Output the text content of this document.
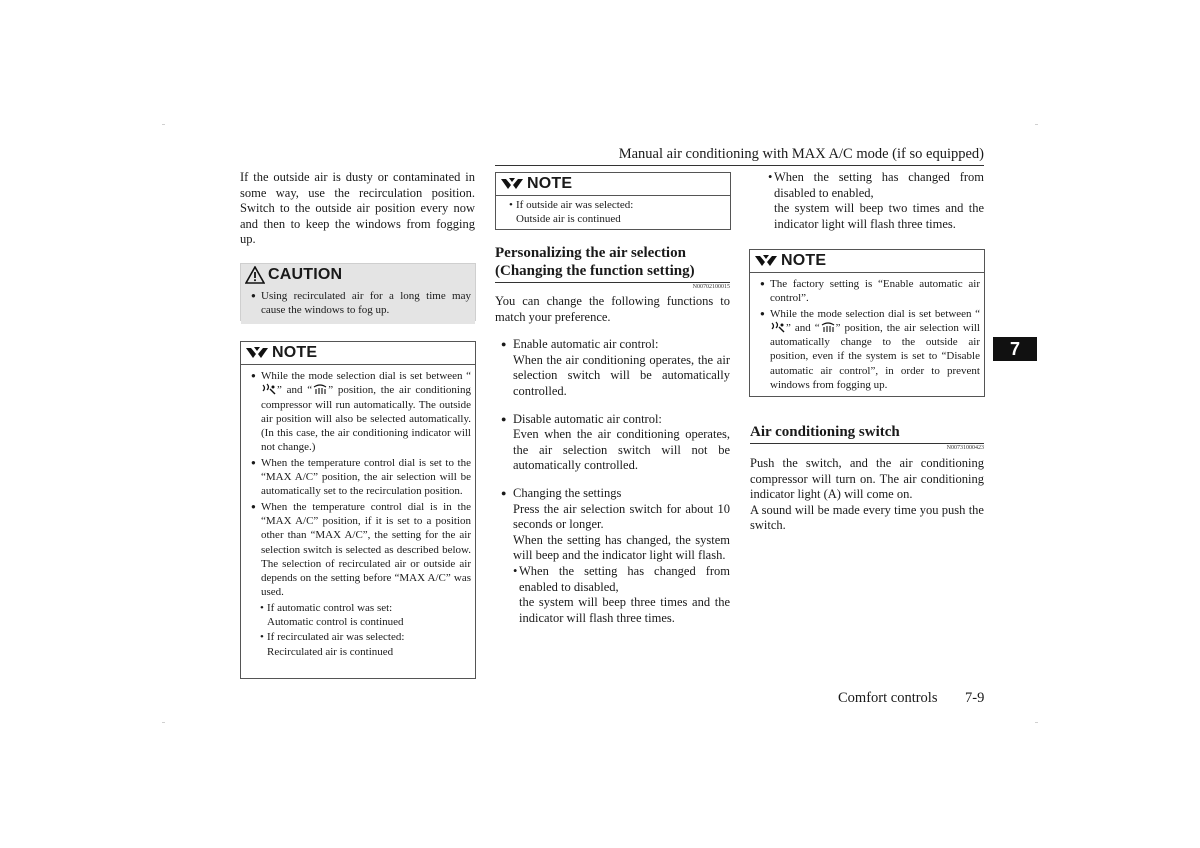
Manual air conditioning with MAX A/C mode (if so equipped)

If the outside air is dusty or contaminated in some way, use the recirculation position. Switch to the outside air position every now and then to keep the windows from fogging up.

CAUTION
● Using recirculated air for a long time may cause the windows to fog up.
NOTE
● While the mode selection dial is set between “” and “ ” position, the air conditioning compressor will run automatically. The outside air position will also be selected automatically. (In this case, the air conditioning indicator will not change.)
● When the temperature control dial is set to the “MAX A/C” position, the air selection will be automatically set to the recirculation position.
● When the temperature control dial is in the “MAX A/C” position, if it is set to a position other than “MAX A/C”, the setting for the air selection switch is selected as described below. The selection of recirculated air or outside air depends on the setting before “MAX A/C” was used.
• If automatic control was set:
Automatic control is continued
• If recirculated air was selected:
Recirculated air is continued
NOTE
• If outside air was selected:
Outside air is continued
Personalizing the air selection
(Changing the function setting)
N00702100015

You can change the following functions to match your preference.

● Enable automatic air control:
When the air conditioning operates, the air selection switch will be automatically controlled.
● Disable automatic air control:
Even when the air conditioning operates, the air selection switch will not be automatically controlled.
● Changing the settings
Press the air selection switch for about 10 seconds or longer.
When the setting has changed, the system will beep and the indicator light will flash.
• When the setting has changed from enabled to disabled,
the system will beep three times and the indicator will flash three times.
• When the setting has changed from disabled to enabled,
the system will beep two times and the indicator light will flash three times.
NOTE
● The factory setting is “Enable automatic air control”.
● While the mode selection dial is set between “” and “ ” position, the air selection will automatically change to the outside air position, even if the system is set to “Disable automatic air control”, in order to prevent windows from fogging up.
Air conditioning switch
N00731000423

Push the switch, and the air conditioning compressor will turn on. The air conditioning indicator light (A) will come on.

A sound will be made every time you push the switch.

7
Comfort controls 7-9
